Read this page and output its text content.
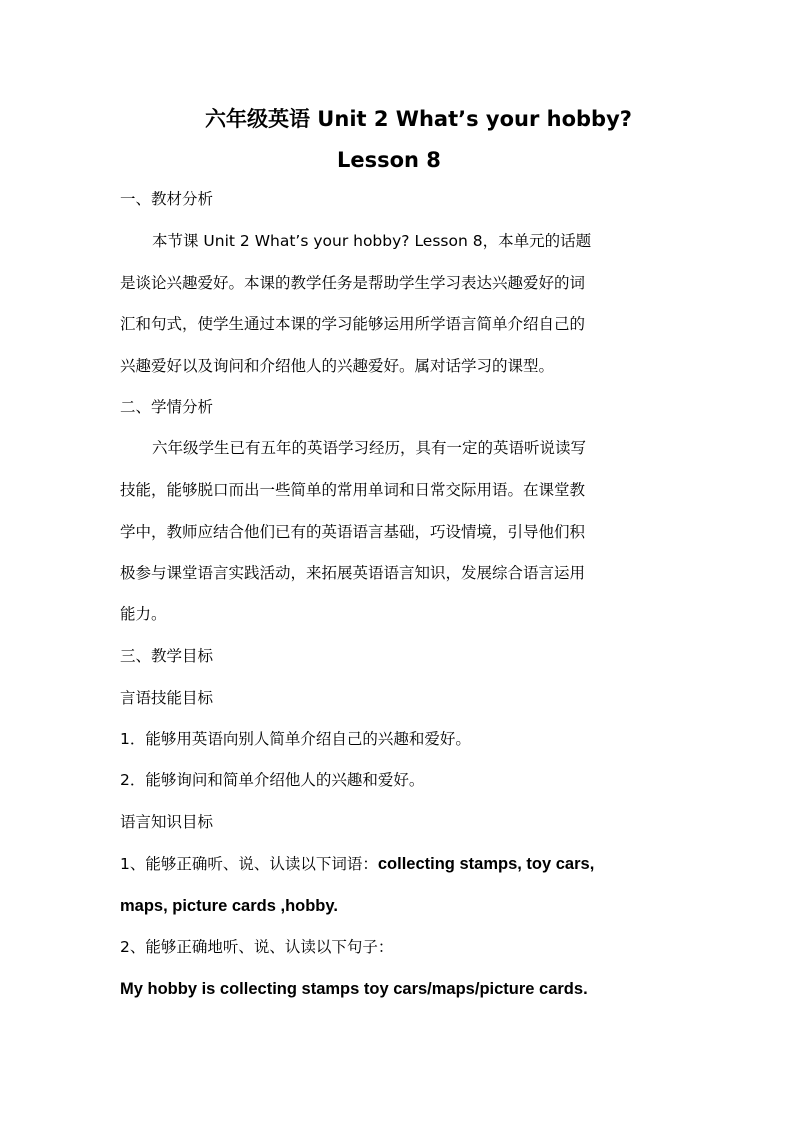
六年级英语 Unit 2 What’s your hobby?
Lesson 8
一、教材分析
本节课 Unit 2 What’s your hobby? Lesson 8，本单元的话题
是谈论兴趣爱好。本课的教学任务是帮助学生学习表达兴趣爱好的词
汇和句式，使学生通过本课的学习能够运用所学语言简单介绍自己的
兴趣爱好以及询问和介绍他人的兴趣爱好。属对话学习的课型。
二、学情分析
六年级学生已有五年的英语学习经历，具有一定的英语听说读写
技能，能够脱口而出一些简单的常用单词和日常交际用语。在课堂教
学中，教师应结合他们已有的英语语言基础，巧设情境，引导他们积
极参与课堂语言实践活动，来拓展英语语言知识，发展综合语言运用
能力。
三、教学目标
言语技能目标
1．能够用英语向别人简单介绍自己的兴趣和爱好。
2．能够询问和简单介绍他人的兴趣和爱好。
语言知识目标
1、能够正确听、说、认读以下词语：collecting stamps, toy cars,
maps, picture cards ,hobby.
2、能够正确地听、说、认读以下句子：
My hobby is collecting stamps toy cars/maps/picture cards.
